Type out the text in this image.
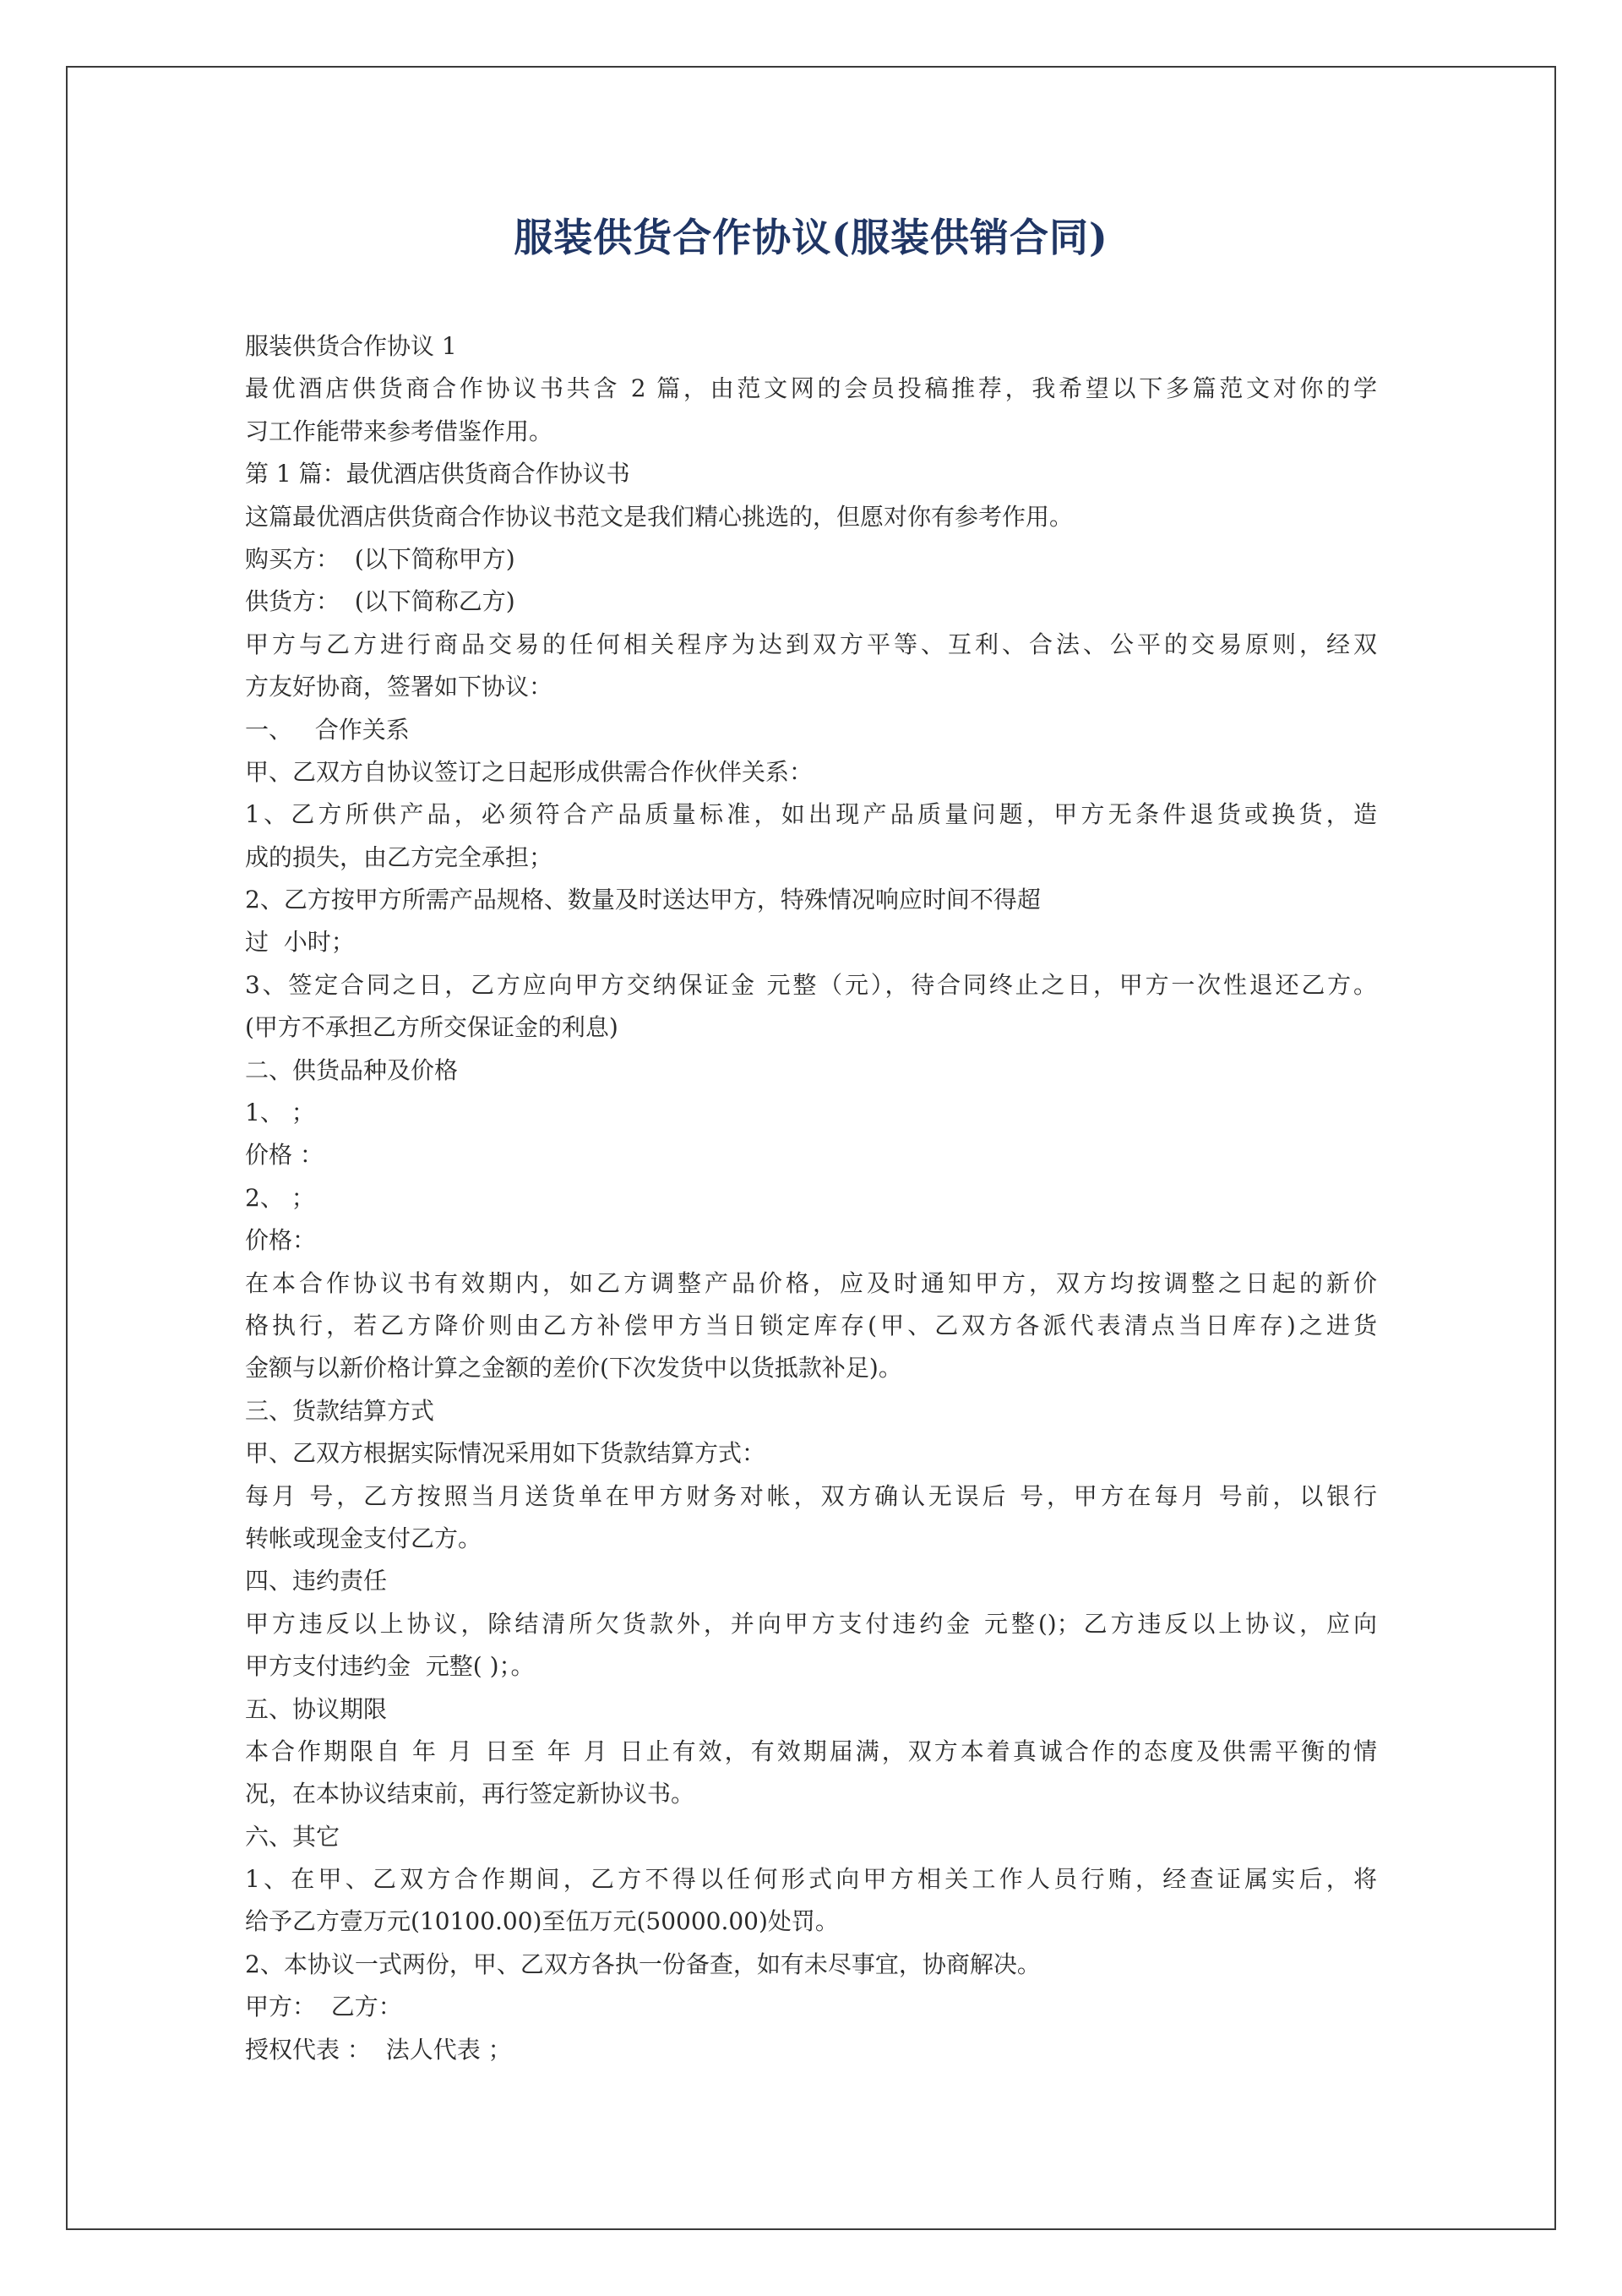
服装供货合作协议(服装供销合同)
服装供货合作协议 1
最优酒店供货商合作协议书共含 2 篇，由范文网的会员投稿推荐，我希望以下多篇范文对你的学
习工作能带来参考借鉴作用。
第 1 篇：最优酒店供货商合作协议书
这篇最优酒店供货商合作协议书范文是我们精心挑选的，但愿对你有参考作用。
购买方：  (以下简称甲方)
供货方：  (以下简称乙方)
甲方与乙方进行商品交易的任何相关程序为达到双方平等、互利、合法、公平的交易原则，经双
方友好协商，签署如下协议：
一、   合作关系
甲、乙双方自协议签订之日起形成供需合作伙伴关系：
1、乙方所供产品，必须符合产品质量标准，如出现产品质量问题，甲方无条件退货或换货，造
成的损失，由乙方完全承担；
2、乙方按甲方所需产品规格、数量及时送达甲方，特殊情况响应时间不得超
过  小时；
3、签定合同之日，乙方应向甲方交纳保证金 元整（元），待合同终止之日，甲方一次性退还乙方。
(甲方不承担乙方所交保证金的利息)
二、供货品种及价格
1、 ；
价格 ：
2、 ；
价格：
在本合作协议书有效期内，如乙方调整产品价格，应及时通知甲方，双方均按调整之日起的新价
格执行，若乙方降价则由乙方补偿甲方当日锁定库存(甲、乙双方各派代表清点当日库存)之进货
金额与以新价格计算之金额的差价(下次发货中以货抵款补足)。
三、货款结算方式
甲、乙双方根据实际情况采用如下货款结算方式：
每月 号，乙方按照当月送货单在甲方财务对帐，双方确认无误后 号，甲方在每月 号前，以银行
转帐或现金支付乙方。
四、违约责任
甲方违反以上协议，除结清所欠货款外，并向甲方支付违约金 元整()；乙方违反以上协议，应向
甲方支付违约金  元整( )；。
五、协议期限
本合作期限自 年 月 日至 年 月 日止有效，有效期届满，双方本着真诚合作的态度及供需平衡的情
况，在本协议结束前，再行签定新协议书。
六、其它
1、在甲、乙双方合作期间，乙方不得以任何形式向甲方相关工作人员行贿，经查证属实后，将
给予乙方壹万元(10100.00)至伍万元(50000.00)处罚。
2、本协议一式两份，甲、乙双方各执一份备查，如有未尽事宜，协商解决。
甲方：  乙方：
授权代表 ：  法人代表 ；
